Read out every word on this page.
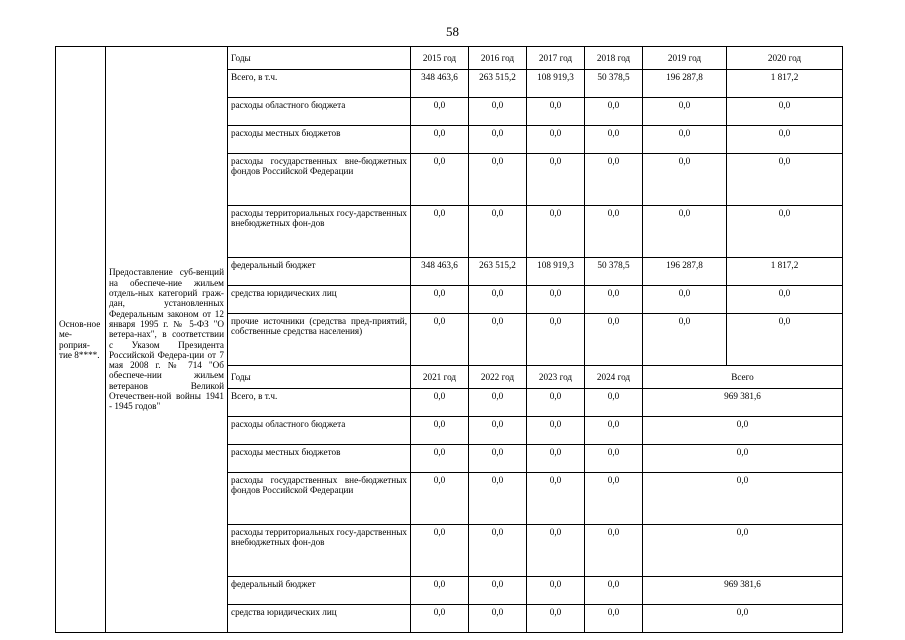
58
Основ-ное ме-роприя-тие 8****.	Предоставление суб-венций на обеспече-ние жильем отдель-ных категорий граж-дан, установленных Федеральным законом от 12 января 1995 г. № 5-ФЗ "О ветера-нах", в соответствии с Указом Президента Российской Федера-ции от 7 мая 2008 г. № 714 "Об обеспече-нии жильем ветеранов Великой Отечествен-ной войны 1941 - 1945 годов"	Годы	2015 год	2016 год	2017 год	2018 год	2019 год	2020 год
		Всего, в т.ч.	348 463,6	263 515,2	108 919,3	50 378,5	196 287,8	1 817,2
		расходы областного бюджета	0,0	0,0	0,0	0,0	0,0	0,0
		расходы местных бюджетов	0,0	0,0	0,0	0,0	0,0	0,0
		расходы государственных вне-бюджетных фондов Российской Федерации	0,0	0,0	0,0	0,0	0,0	0,0
		расходы территориальных госу-дарственных внебюджетных фон-дов	0,0	0,0	0,0	0,0	0,0	0,0
		федеральный бюджет	348 463,6	263 515,2	108 919,3	50 378,5	196 287,8	1 817,2
		средства юридических лиц	0,0	0,0	0,0	0,0	0,0	0,0
		прочие источники (средства пред-приятий, собственные средства населения)	0,0	0,0	0,0	0,0	0,0	0,0
		Годы	2021 год	2022 год	2023 год	2024 год	Всего	
		Всего, в т.ч.	0,0	0,0	0,0	0,0	969 381,6	
		расходы областного бюджета	0,0	0,0	0,0	0,0	0,0	
		расходы местных бюджетов	0,0	0,0	0,0	0,0	0,0	
		расходы государственных вне-бюджетных фондов Российской Федерации	0,0	0,0	0,0	0,0	0,0	
		расходы территориальных госу-дарственных внебюджетных фон-дов	0,0	0,0	0,0	0,0	0,0	
		федеральный бюджет	0,0	0,0	0,0	0,0	969 381,6	
		средства юридических лиц	0,0	0,0	0,0	0,0	0,0	
